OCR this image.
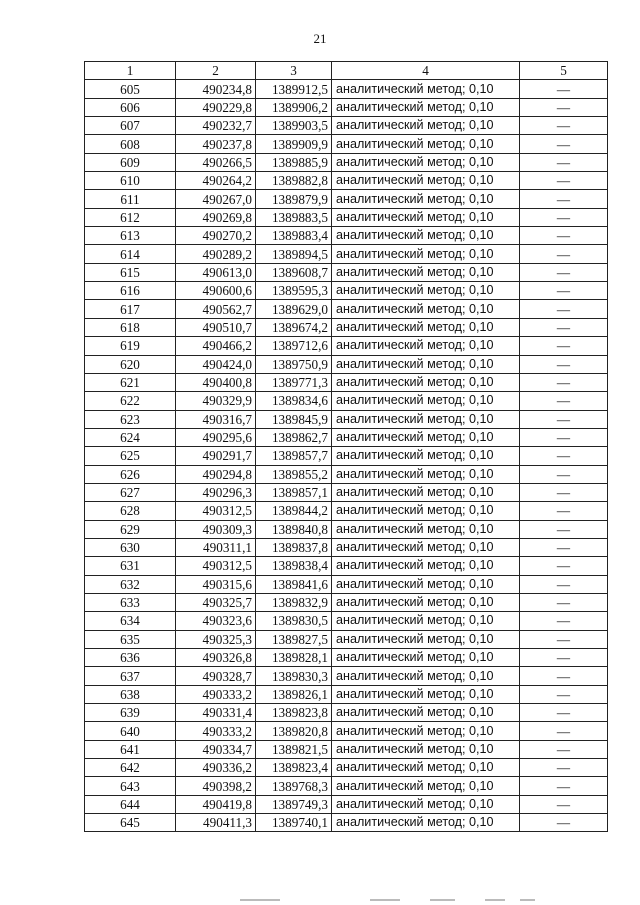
21
1	2	3	4	5
605	490234,8	1389912,5	аналитический метод; 0,10	—
606	490229,8	1389906,2	аналитический метод; 0,10	—
607	490232,7	1389903,5	аналитический метод; 0,10	—
608	490237,8	1389909,9	аналитический метод; 0,10	—
609	490266,5	1389885,9	аналитический метод; 0,10	—
610	490264,2	1389882,8	аналитический метод; 0,10	—
611	490267,0	1389879,9	аналитический метод; 0,10	—
612	490269,8	1389883,5	аналитический метод; 0,10	—
613	490270,2	1389883,4	аналитический метод; 0,10	—
614	490289,2	1389894,5	аналитический метод; 0,10	—
615	490613,0	1389608,7	аналитический метод; 0,10	—
616	490600,6	1389595,3	аналитический метод; 0,10	—
617	490562,7	1389629,0	аналитический метод; 0,10	—
618	490510,7	1389674,2	аналитический метод; 0,10	—
619	490466,2	1389712,6	аналитический метод; 0,10	—
620	490424,0	1389750,9	аналитический метод; 0,10	—
621	490400,8	1389771,3	аналитический метод; 0,10	—
622	490329,9	1389834,6	аналитический метод; 0,10	—
623	490316,7	1389845,9	аналитический метод; 0,10	—
624	490295,6	1389862,7	аналитический метод; 0,10	—
625	490291,7	1389857,7	аналитический метод; 0,10	—
626	490294,8	1389855,2	аналитический метод; 0,10	—
627	490296,3	1389857,1	аналитический метод; 0,10	—
628	490312,5	1389844,2	аналитический метод; 0,10	—
629	490309,3	1389840,8	аналитический метод; 0,10	—
630	490311,1	1389837,8	аналитический метод; 0,10	—
631	490312,5	1389838,4	аналитический метод; 0,10	—
632	490315,6	1389841,6	аналитический метод; 0,10	—
633	490325,7	1389832,9	аналитический метод; 0,10	—
634	490323,6	1389830,5	аналитический метод; 0,10	—
635	490325,3	1389827,5	аналитический метод; 0,10	—
636	490326,8	1389828,1	аналитический метод; 0,10	—
637	490328,7	1389830,3	аналитический метод; 0,10	—
638	490333,2	1389826,1	аналитический метод; 0,10	—
639	490331,4	1389823,8	аналитический метод; 0,10	—
640	490333,2	1389820,8	аналитический метод; 0,10	—
641	490334,7	1389821,5	аналитический метод; 0,10	—
642	490336,2	1389823,4	аналитический метод; 0,10	—
643	490398,2	1389768,3	аналитический метод; 0,10	—
644	490419,8	1389749,3	аналитический метод; 0,10	—
645	490411,3	1389740,1	аналитический метод; 0,10	—
